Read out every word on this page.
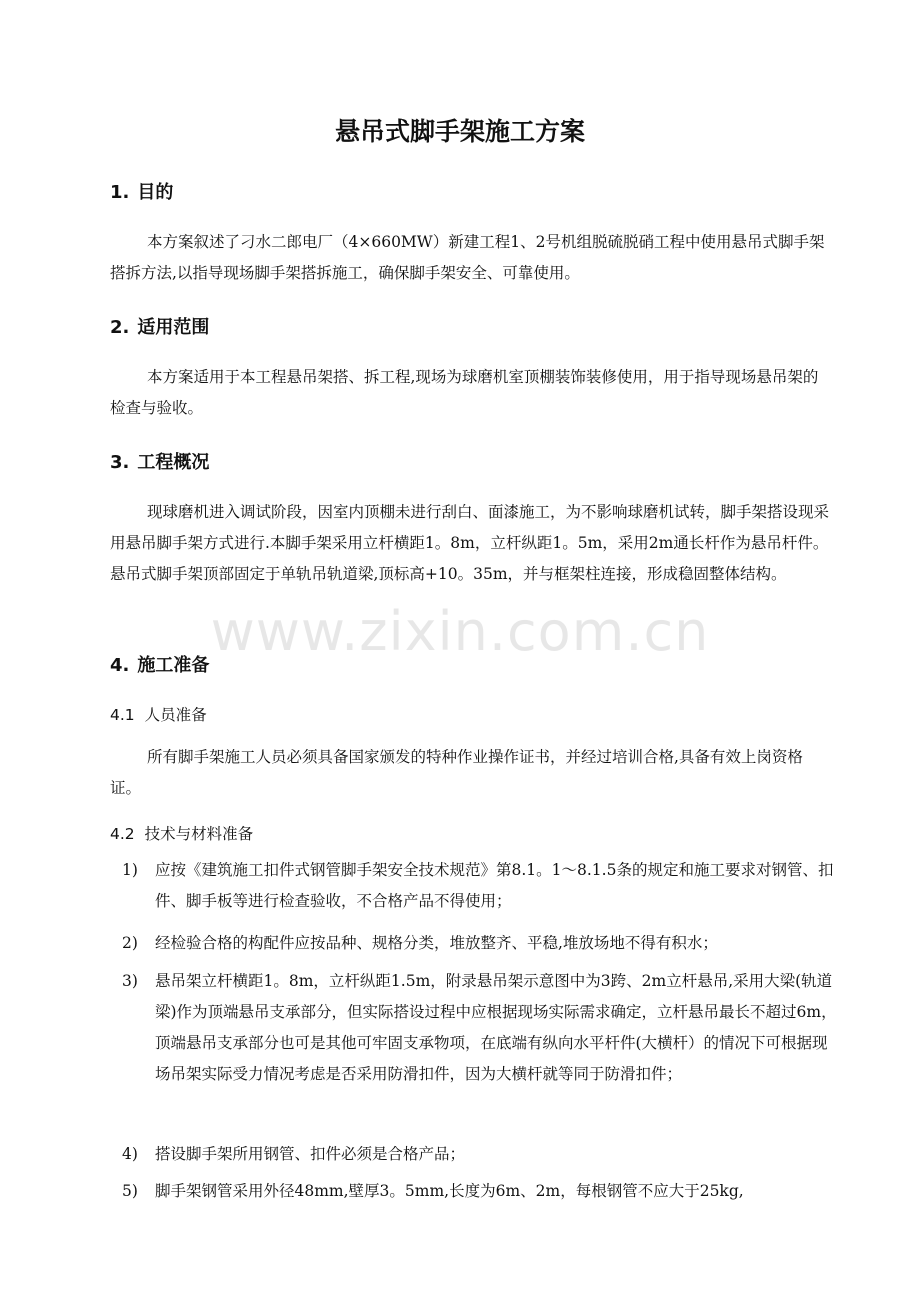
悬吊式脚手架施工方案
1. 目的
本方案叙述了刁水二郎电厂（4×660MW）新建工程1、2号机组脱硫脱硝工程中使用悬吊式脚手架搭拆方法,以指导现场脚手架搭拆施工，确保脚手架安全、可靠使用。
2. 适用范围
本方案适用于本工程悬吊架搭、拆工程,现场为球磨机室顶棚装饰装修使用，用于指导现场悬吊架的检查与验收。
3. 工程概况
现球磨机进入调试阶段，因室内顶棚未进行刮白、面漆施工，为不影响球磨机试转，脚手架搭设现采用悬吊脚手架方式进行.本脚手架采用立杆横距1。8m，立杆纵距1。5m，采用2m通长杆作为悬吊杆件。悬吊式脚手架顶部固定于单轨吊轨道梁,顶标高+10。35m，并与框架柱连接，形成稳固整体结构。
www.zixin.com.cn
4. 施工准备
4.1 人员准备
所有脚手架施工人员必须具备国家颁发的特种作业操作证书，并经过培训合格,具备有效上岗资格证。
4.2 技术与材料准备
1) 应按《建筑施工扣件式钢管脚手架安全技术规范》第8.1。1～8.1.5条的规定和施工要求对钢管、扣件、脚手板等进行检查验收，不合格产品不得使用；
2) 经检验合格的构配件应按品种、规格分类，堆放整齐、平稳,堆放场地不得有积水；
3) 悬吊架立杆横距1。8m，立杆纵距1.5m，附录悬吊架示意图中为3跨、2m立杆悬吊,采用大梁(轨道梁)作为顶端悬吊支承部分，但实际搭设过程中应根据现场实际需求确定，立杆悬吊最长不超过6m，顶端悬吊支承部分也可是其他可牢固支承物项，在底端有纵向水平杆件(大横杆）的情况下可根据现场吊架实际受力情况考虑是否采用防滑扣件，因为大横杆就等同于防滑扣件；
4) 搭设脚手架所用钢管、扣件必须是合格产品；
5) 脚手架钢管采用外径48mm,壁厚3。5mm,长度为6m、2m，每根钢管不应大于25kg,
